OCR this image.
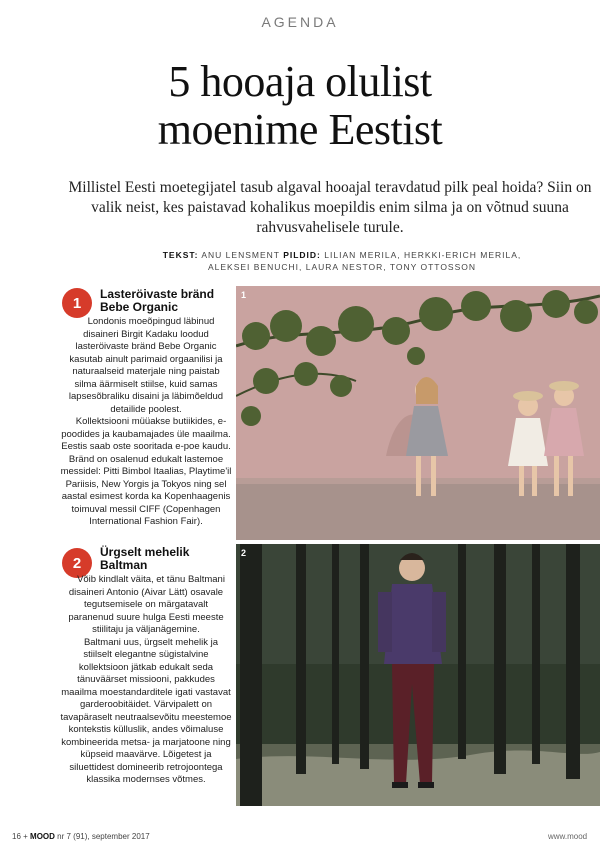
AGENDA
5 hooaja olulist
moenime Eestist
Millistel Eesti moetegijatel tasub algaval hooajal teravdatud pilk peal hoida? Siin on valik neist, kes paistavad kohalikus moepildis enim silma ja on võtnud suuna rahvusvahelisele turule.
TEKST: ANU LENSMENT PILDID: LILIAN MERILA, HERKKI-ERICH MERILA,
ALEKSEI BENUCHI, LAURA NESTOR, TONY OTTOSSON
1
Lasteröivaste bränd
Bebe Organic

Londonis moeõpingud läbinud disaineri Birgit Kadaku loodud lasteröivaste bränd Bebe Organic kasutab ainult parimaid orgaanilisi ja naturaalseid materjale ning paistab silma äärmiselt stiilse, kuid samas lapsesõbraliku disaini ja läbimõeldud detailide poolest.

Kollektsiooni müüakse butiikides, e-poodides ja kaubamajades üle maailma. Eestis saab oste sooritada e-poe kaudu. Bränd on osalenud edukalt lastemoe messidel: Pitti Bimbol Itaalias, Playtime'il Pariisis, New Yorgis ja Tokyos ning sel aastal esimest korda ka Kopenhaagenis toimuval messil CIFF (Copenhagen International Fashion Fair).

2
Ürgselt mehelik
Baltman

Võib kindlalt väita, et tänu Baltmani disaineri Antonio (Aivar Lätt) osavale tegutsemisele on märgatavalt paranenud suure hulga Eesti meeste stiilitaju ja väljanägemine.

Baltmani uus, ürgselt mehelik ja stiilselt elegantne sügistalvine kollektsioon jätkab edukalt seda tänuväärset missiooni, pakkudes maailma moestandarditele igati vastavat garderoobitäidet. Värvipalett on tavapäraselt neutraalsevõitu meestemoe kontekstis külluslik, andes võimaluse kombineerida metsa- ja marjatoone ning küpseid maavärve. Lõigetest ja siluettidest domineerib retrojoontega klassika modernses võtmes.

1
2
16 + MOOD nr 7 (91), september 2017	www.mood
